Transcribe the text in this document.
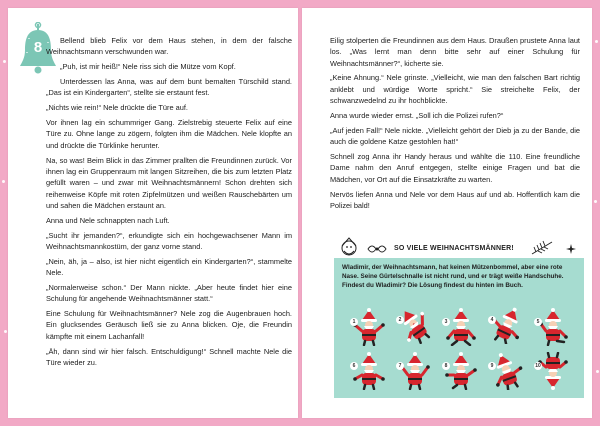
8	Bellend blieb Felix vor dem Haus stehen, in dem der falsche Weihnachtsmann verschwunden war.

„Puh, ist mir heiß!“ Nele riss sich die Mütze vom Kopf.

Unterdessen las Anna, was auf dem bunt bemalten Türschild stand. „Das ist ein Kindergarten“, stellte sie erstaunt fest.

„Nichts wie rein!“ Nele drückte die Türe auf.

Vor ihnen lag ein schummriger Gang. Zielstrebig steuerte Felix auf eine Türe zu. Ohne lange zu zögern, folgten ihm die Mädchen. Nele klopfte an und drückte die Türklinke herunter.

Na, so was! Beim Blick in das Zimmer prallten die Freundinnen zurück. Vor ihnen lag ein Gruppenraum mit langen Sitzreihen, die bis zum letzten Platz gefüllt waren – und zwar mit Weihnachtsmännern! Schon drehten sich reihenweise Köpfe mit roten Zipfelmützen und weißen Rauschebärten um und sahen die Mädchen erstaunt an.

Anna und Nele schnappten nach Luft.

„Sucht ihr jemanden?“, erkundigte sich ein hochgewachsener Mann im Weihnachtsmannkostüm, der ganz vorne stand.

„Nein, äh, ja – also, ist hier nicht eigentlich ein Kindergarten?“, stammelte Nele.

„Normalerweise schon.“ Der Mann nickte. „Aber heute findet hier eine Schulung für angehende Weihnachtsmänner statt.“

Eine Schulung für Weihnachtsmänner? Nele zog die Augenbrauen hoch. Ein glucksendes Geräusch ließ sie zu Anna blicken. Oje, die Freundin kämpfte mit einem Lachanfall!

„Äh, dann sind wir hier falsch. Entschuldigung!“ Schnell machte Nele die Türe wieder zu.

Eilig stolperten die Freundinnen aus dem Haus. Draußen prustete Anna laut los. „Was lernt man denn bitte sehr auf einer Schulung für Weihnachtsmänner?“, kicherte sie.

„Keine Ahnung.“ Nele grinste. „Vielleicht, wie man den falschen Bart richtig anklebt und würdige Worte spricht.“ Sie streichelte Felix, der schwanzwedelnd zu ihr hochblickte.

Anna wurde wieder ernst. „Soll ich die Polizei rufen?“

„Auf jeden Fall!“ Nele nickte. „Vielleicht gehört der Dieb ja zu der Bande, die auch die goldene Katze gestohlen hat!“

Schnell zog Anna ihr Handy heraus und wählte die 110. Eine freundliche Dame nahm den Anruf entgegen, stellte einige Fragen und bat die Mädchen, vor Ort auf die Einsatzkräfte zu warten.

Nervös liefen Anna und Nele vor dem Haus auf und ab. Hoffentlich kam die Polizei bald!

SO VIELE WEIHNACHTSMÄNNER!

Wladimir, der Weihnachtsmann, hat keinen Mützenbommel, aber eine rote Nase. Seine Gürtelschnalle ist nicht rund, und er trägt weiße Handschuhe. Findest du Wladimir? Die Lösung findest du hinten im Buch.

1	2	3	4	5
6	7	8	9	10
